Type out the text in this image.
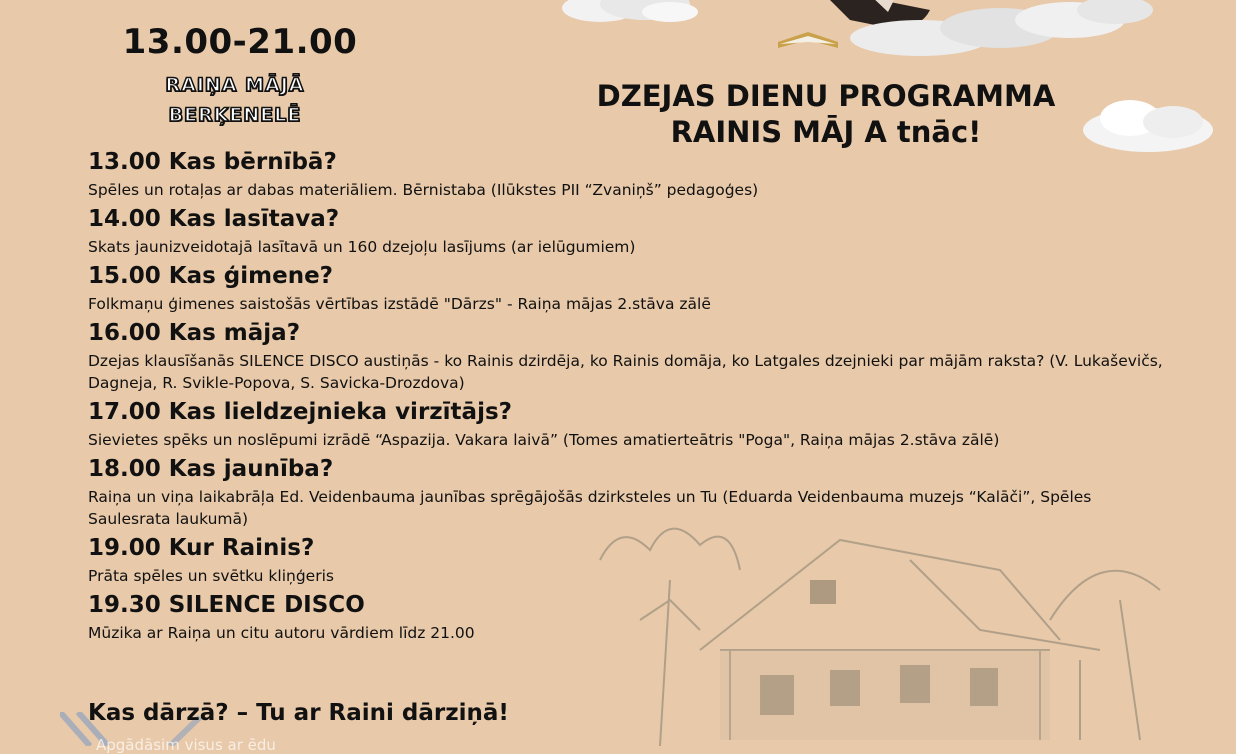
13.00-21.00
RAIŅA MĀJĀ
BERĶENELĒ
DZEJAS DIENU PROGRAMMA
RAINIS MĀJ A tnāc!
13.00 Kas bērnībā?
Spēles un rotaļas ar dabas materiāliem. Bērnistaba (Ilūkstes PII “Zvaniņš” pedagoģes)
14.00 Kas lasītava?
Skats jaunizveidotajā lasītavā un 160 dzejoļu lasījums (ar ielūgumiem)
15.00 Kas ģimene?
Folkmaņu ģimenes saistošās vērtības izstādē "Dārzs" - Raiņa mājas 2.stāva zālē
16.00 Kas māja?
Dzejas klausīšanās SILENCE DISCO austiņās - ko Rainis dzirdēja, ko Rainis domāja, ko Latgales dzejnieki par mājām raksta? (V. Lukaševičs, Dagneja, R. Svikle-Popova, S. Savicka-Drozdova)
17.00 Kas lieldzejnieka virzītājs?
Sievietes spēks un noslēpumi izrādē “Aspazija. Vakara laivā” (Tomes amatierteātris "Poga", Raiņa mājas 2.stāva zālē)
18.00 Kas jaunība?
Raiņa un viņa laikabrāļa Ed. Veidenbauma jaunības sprēgājošās dzirksteles un Tu (Eduarda Veidenbauma muzejs “Kalāči”, Spēles Saulesrata laukumā)
19.00 Kur Rainis?
Prāta spēles un svētku kliņģeris
19.30 SILENCE DISCO
Mūzika ar Raiņa un citu autoru vārdiem līdz 21.00
Kas dārzā? – Tu ar Raini dārziņā!
Apgādāsim visus ar ēdu
